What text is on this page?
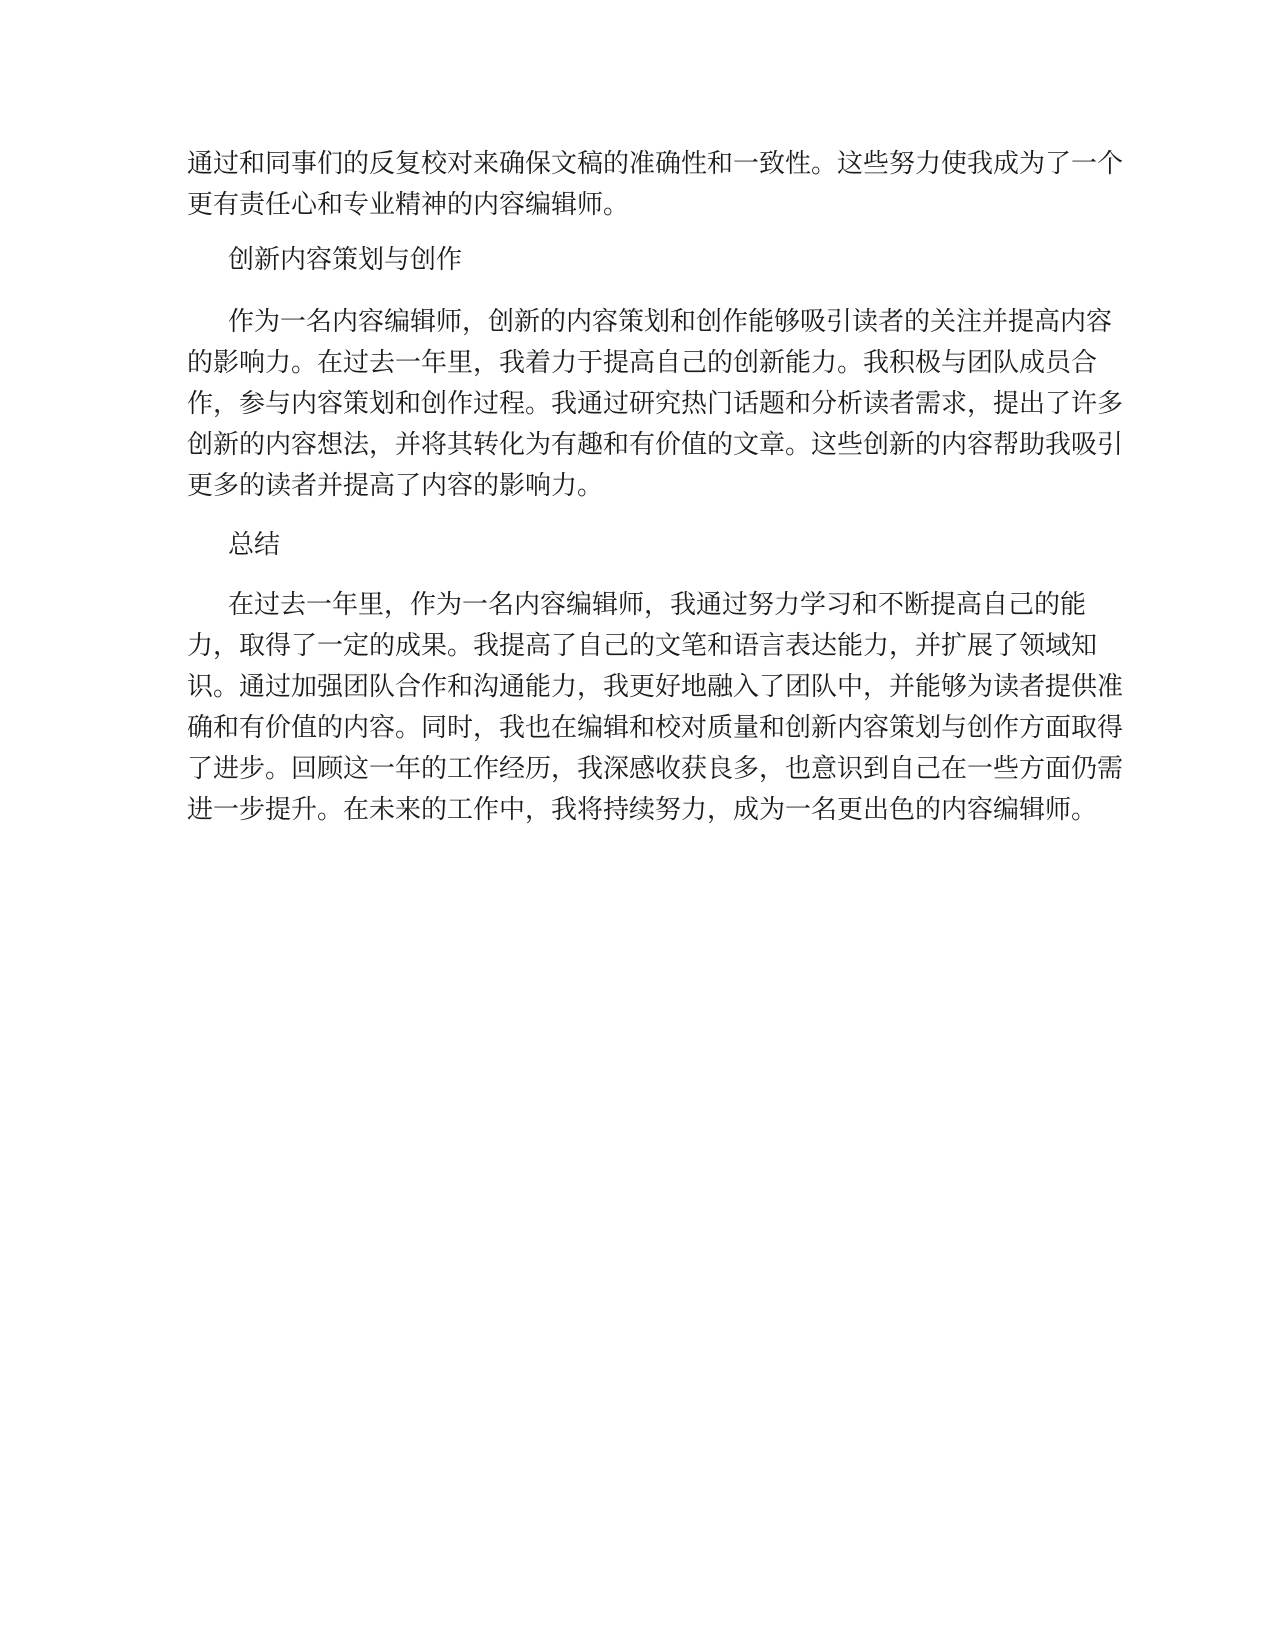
通过和同事们的反复校对来确保文稿的准确性和一致性。这些努力使我成为了一个
更有责任心和专业精神的内容编辑师。

创新内容策划与创作

作为一名内容编辑师，创新的内容策划和创作能够吸引读者的关注并提高内容
的影响力。在过去一年里，我着力于提高自己的创新能力。我积极与团队成员合
作，参与内容策划和创作过程。我通过研究热门话题和分析读者需求，提出了许多
创新的内容想法，并将其转化为有趣和有价值的文章。这些创新的内容帮助我吸引
更多的读者并提高了内容的影响力。

总结

在过去一年里，作为一名内容编辑师，我通过努力学习和不断提高自己的能
力，取得了一定的成果。我提高了自己的文笔和语言表达能力，并扩展了领域知
识。通过加强团队合作和沟通能力，我更好地融入了团队中，并能够为读者提供准
确和有价值的内容。同时，我也在编辑和校对质量和创新内容策划与创作方面取得
了进步。回顾这一年的工作经历，我深感收获良多，也意识到自己在一些方面仍需
进一步提升。在未来的工作中，我将持续努力，成为一名更出色的内容编辑师。
